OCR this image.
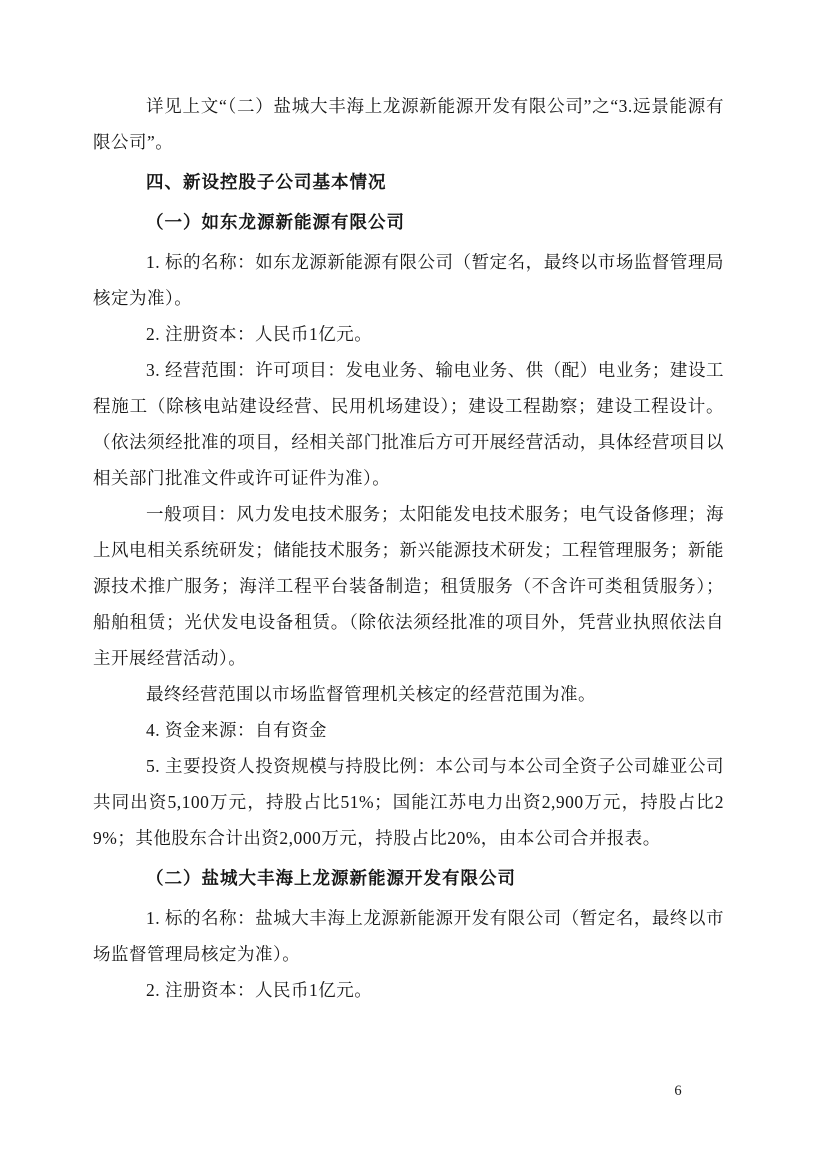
详见上文“（二）盐城大丰海上龙源新能源开发有限公司”之“3.远景能源有限公司”。

四、新设控股子公司基本情况

（一）如东龙源新能源有限公司

1. 标的名称：如东龙源新能源有限公司（暂定名，最终以市场监督管理局核定为准）。

2. 注册资本：人民币1亿元。

3. 经营范围：许可项目：发电业务、输电业务、供（配）电业务；建设工程施工（除核电站建设经营、民用机场建设）；建设工程勘察；建设工程设计。（依法须经批准的项目，经相关部门批准后方可开展经营活动，具体经营项目以相关部门批准文件或许可证件为准）。

一般项目：风力发电技术服务；太阳能发电技术服务；电气设备修理；海上风电相关系统研发；储能技术服务；新兴能源技术研发；工程管理服务；新能源技术推广服务；海洋工程平台装备制造；租赁服务（不含许可类租赁服务）；船舶租赁；光伏发电设备租赁。（除依法须经批准的项目外，凭营业执照依法自主开展经营活动）。

最终经营范围以市场监督管理机关核定的经营范围为准。

4. 资金来源：自有资金

5. 主要投资人投资规模与持股比例：本公司与本公司全资子公司雄亚公司共同出资5,100万元，持股占比51%；国能江苏电力出资2,900万元，持股占比29%；其他股东合计出资2,000万元，持股占比20%，由本公司合并报表。

（二）盐城大丰海上龙源新能源开发有限公司

1. 标的名称：盐城大丰海上龙源新能源开发有限公司（暂定名，最终以市场监督管理局核定为准）。

2. 注册资本：人民币1亿元。

6
